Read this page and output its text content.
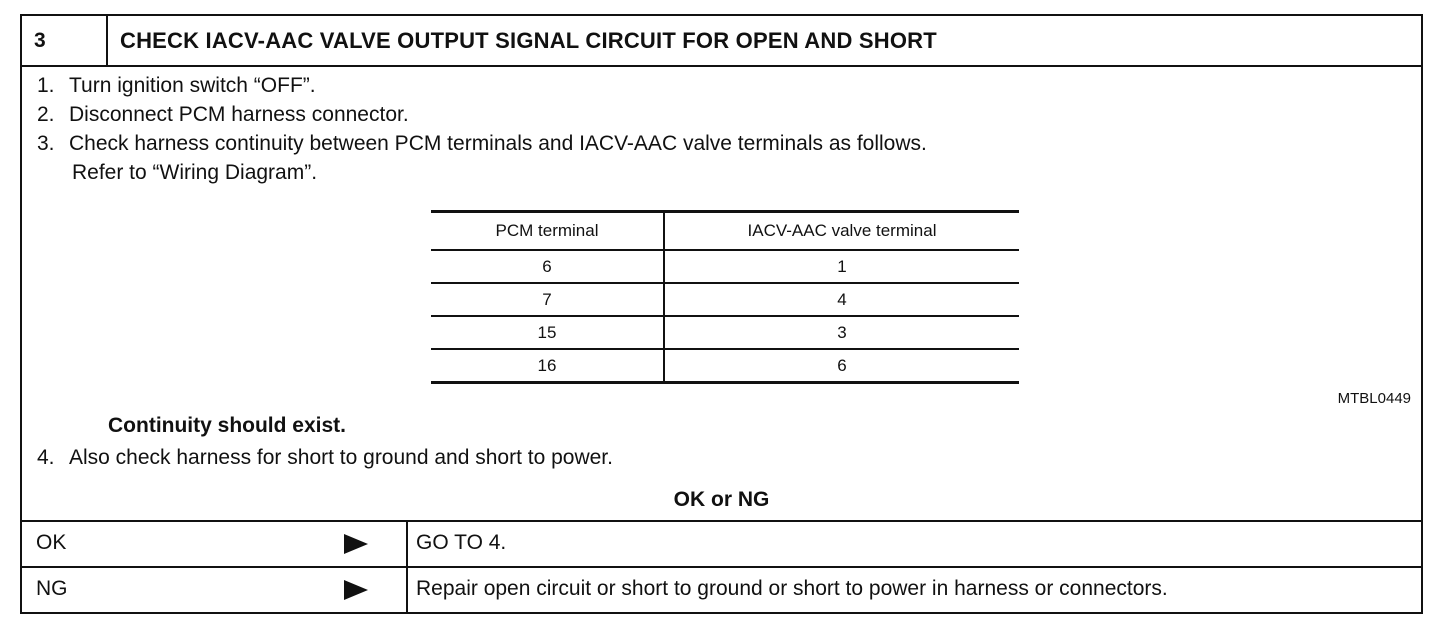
3	CHECK IACV-AAC VALVE OUTPUT SIGNAL CIRCUIT FOR OPEN AND SHORT
1. Turn ignition switch “OFF”.
2. Disconnect PCM harness connector.
3. Check harness continuity between PCM terminals and IACV-AAC valve terminals as follows.
Refer to “Wiring Diagram”.
PCM terminal	IACV-AAC valve terminal
6	1
7	4
15	3
16	6
MTBL0449
Continuity should exist.
4. Also check harness for short to ground and short to power.
OK or NG
OK	GO TO 4.
NG	Repair open circuit or short to ground or short to power in harness or connectors.
